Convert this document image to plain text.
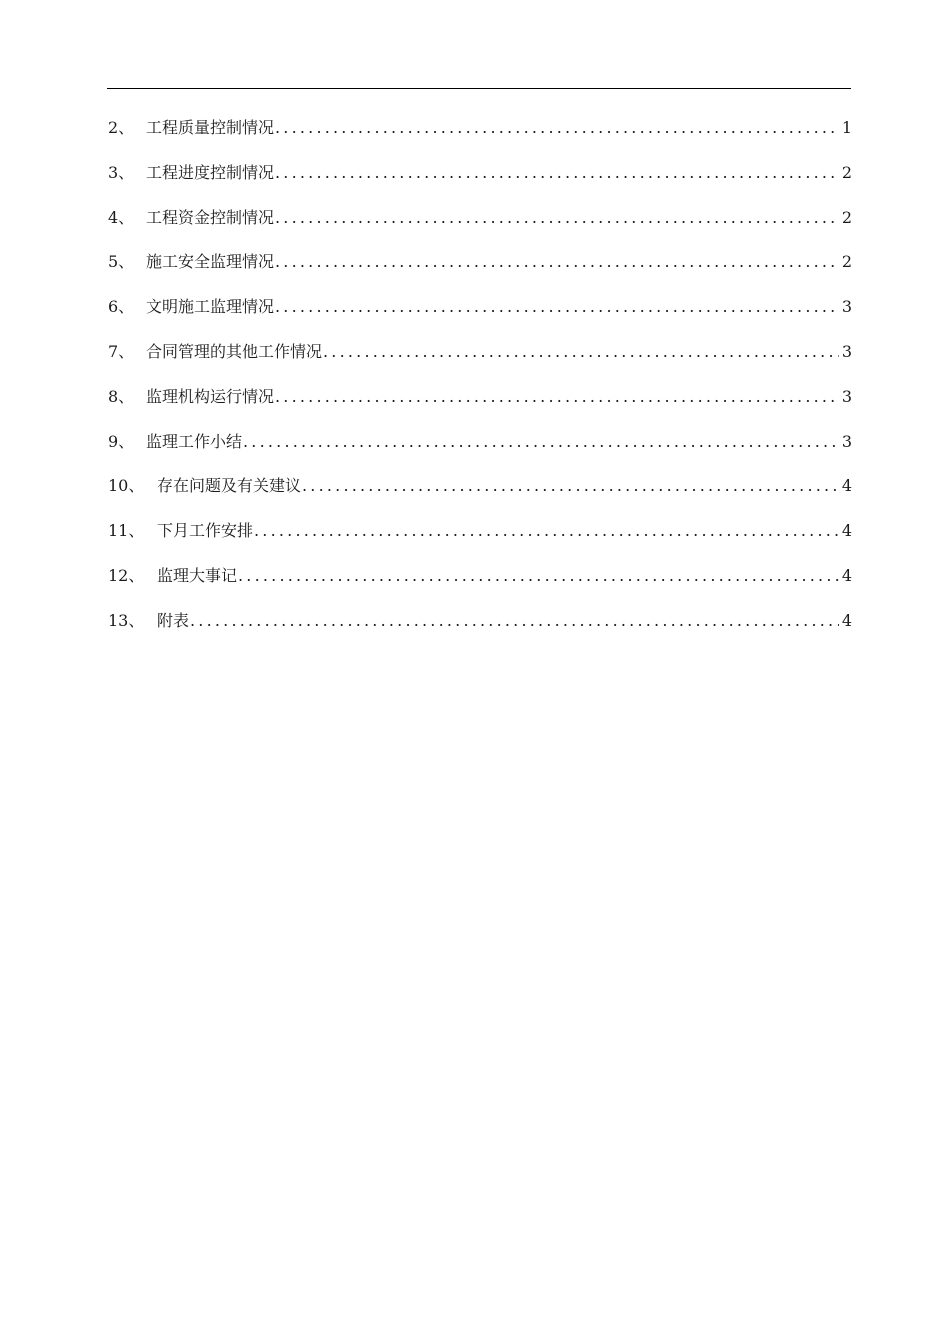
2、 工程质量控制情况 .....	1
3、 工程进度控制情况 .....	2
4、 工程资金控制情况 .....	2
5、 施工安全监理情况 .....	2
6、 文明施工监理情况 .....	3
7、 合同管理的其他工作情况 .....	3
8、 监理机构运行情况 .....	3
9、 监理工作小结 .....	3
10、 存在问题及有关建议 .....	4
11、 下月工作安排 .....	4
12、 监理大事记 .....	4
13、 附表 .....	4
